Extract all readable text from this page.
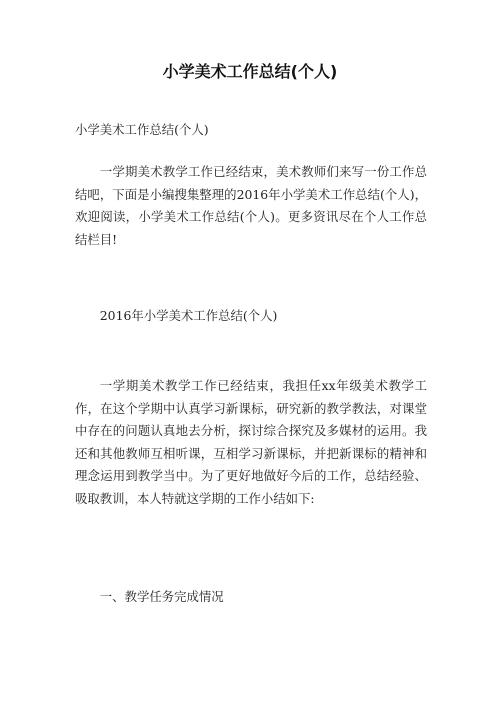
小学美术工作总结(个人)

小学美术工作总结(个人)

一学期美术教学工作已经结束，美术教师们来写一份工作总结吧，下面是小编搜集整理的2016年小学美术工作总结(个人)，欢迎阅读，小学美术工作总结(个人)。更多资讯尽在个人工作总结栏目!

2016年小学美术工作总结(个人)

一学期美术教学工作已经结束，我担任xx年级美术教学工作，在这个学期中认真学习新课标，研究新的教学教法，对课堂中存在的问题认真地去分析，探讨综合探究及多媒材的运用。我还和其他教师互相听课，互相学习新课标，并把新课标的精神和理念运用到教学当中。为了更好地做好今后的工作，总结经验、吸取教训，本人特就这学期的工作小结如下:

一、教学任务完成情况
